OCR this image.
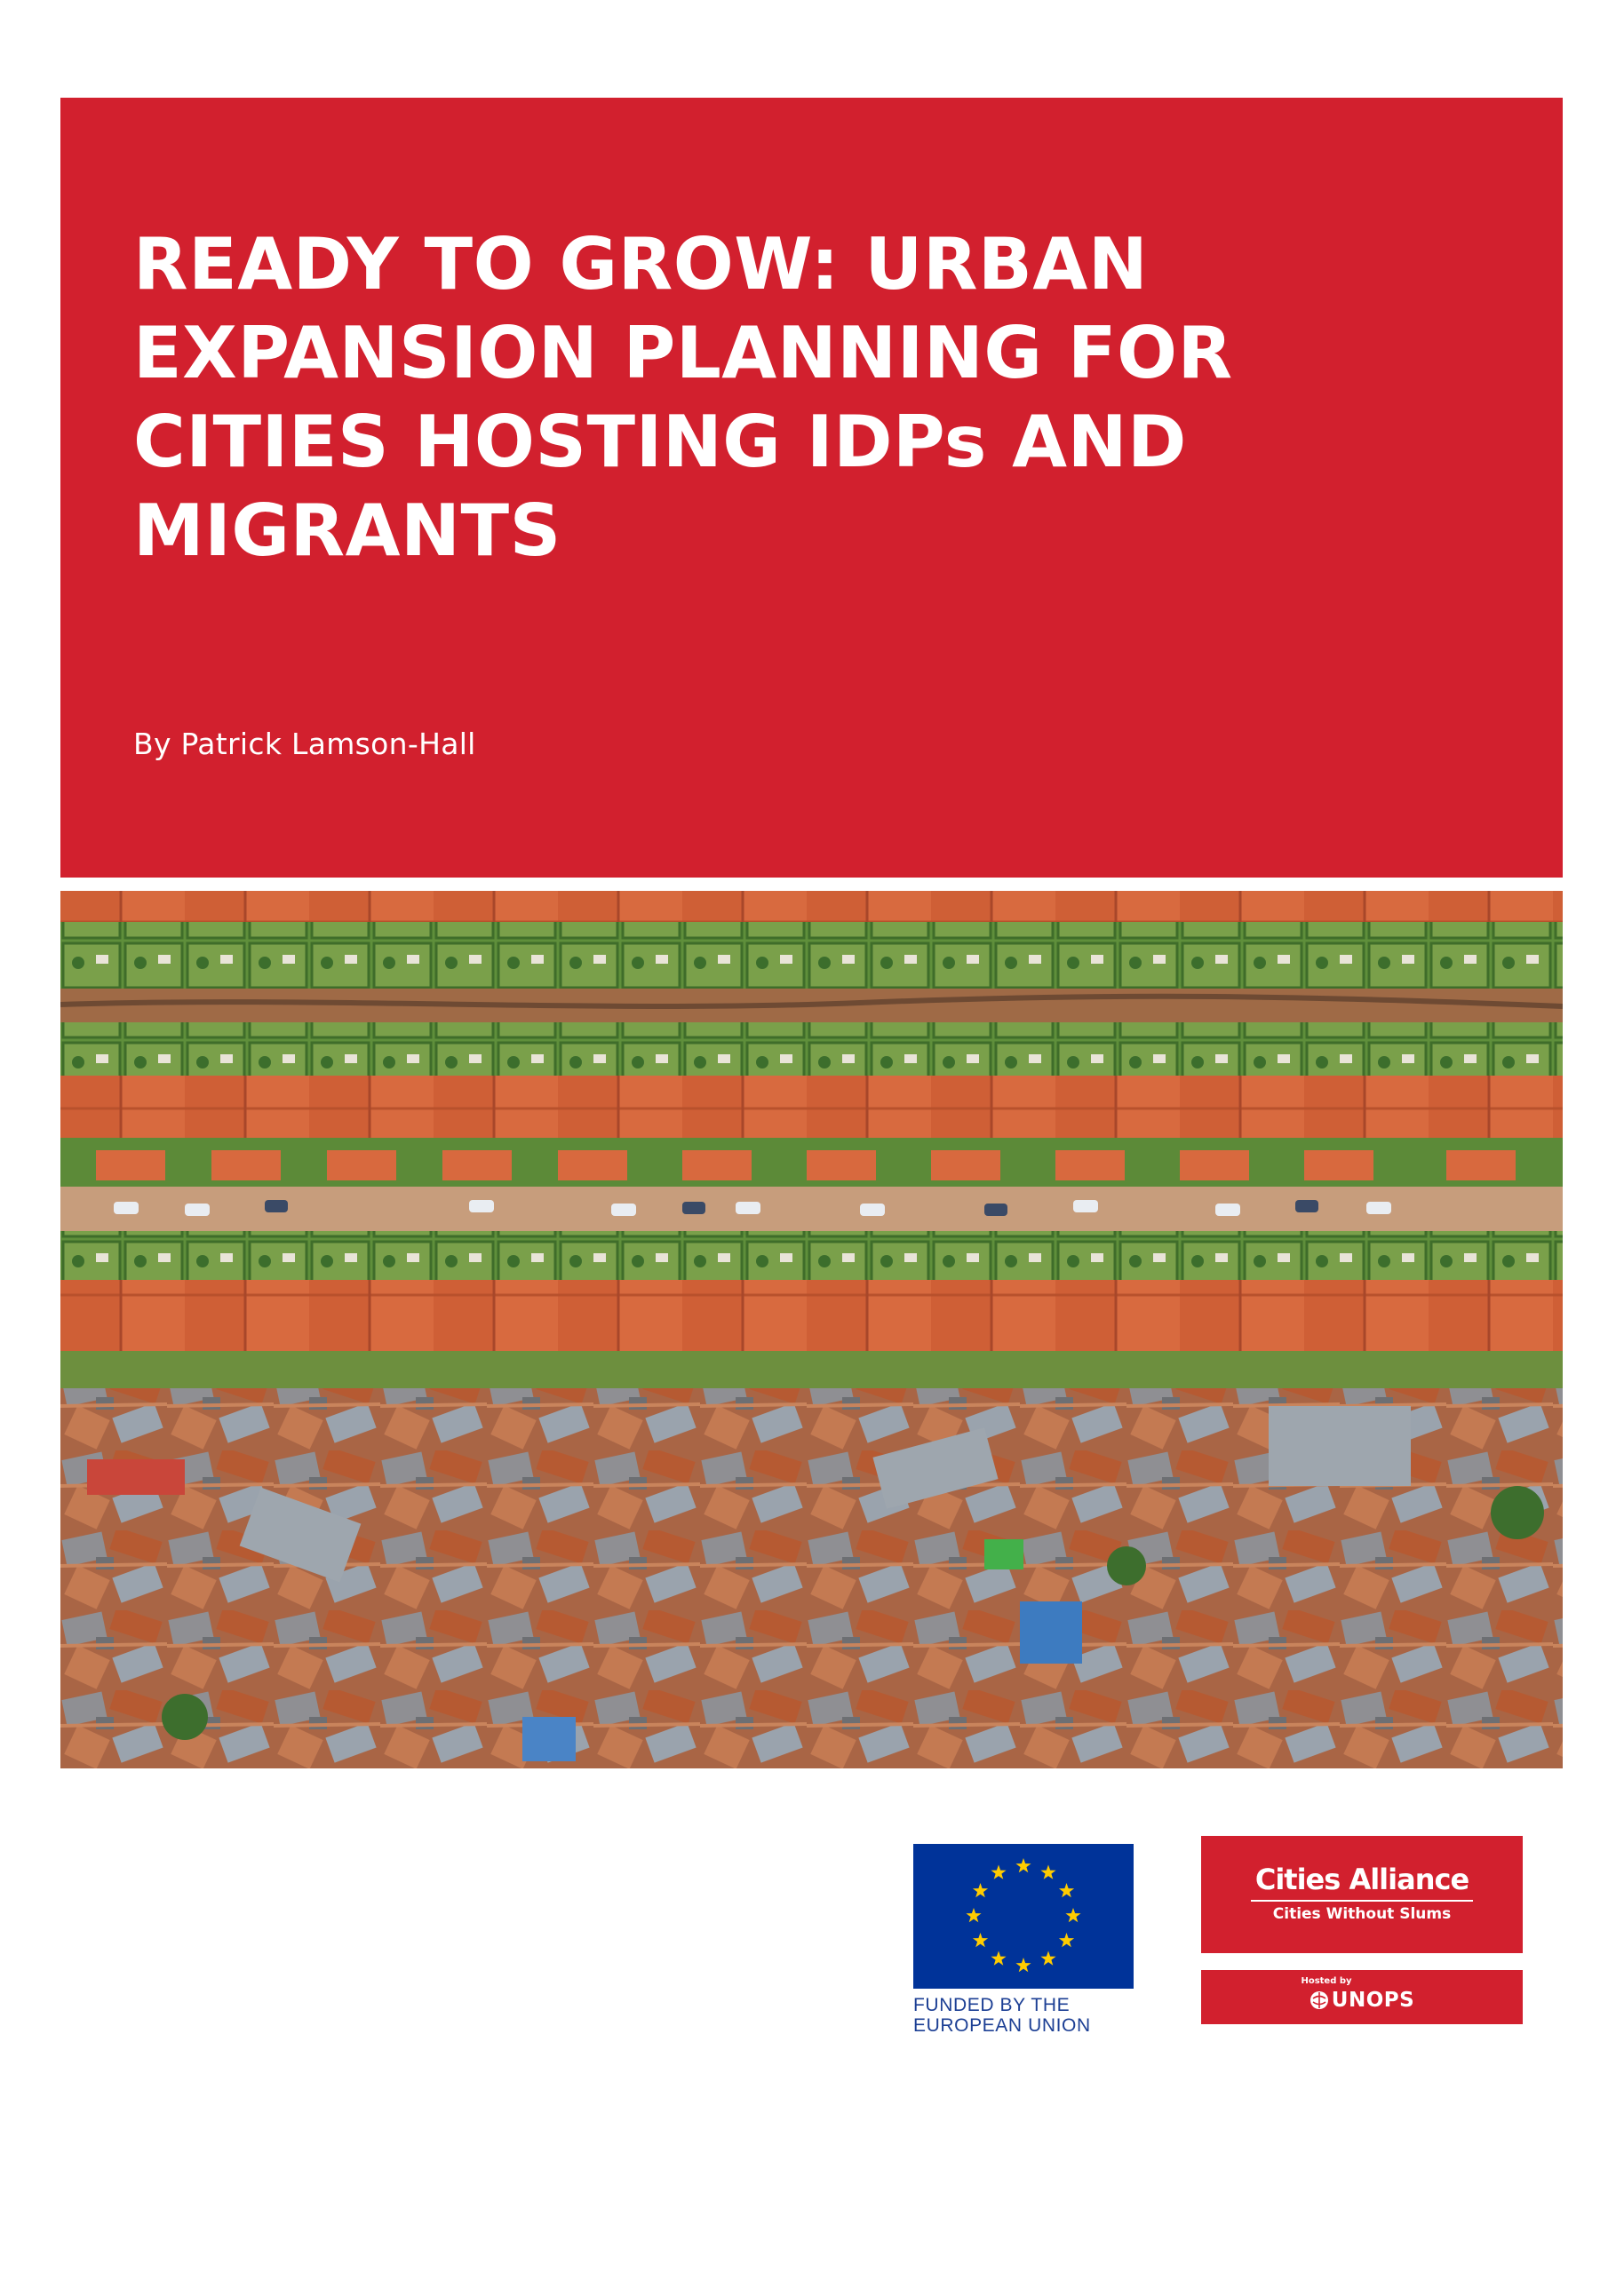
READY TO GROW: URBAN
EXPANSION PLANNING FOR
CITIES HOSTING IDPs AND
MIGRANTS
By Patrick Lamson-Hall
FUNDED BY THE
EUROPEAN UNION
Cities Alliance
Cities Without Slums
Hosted by
UNOPS
